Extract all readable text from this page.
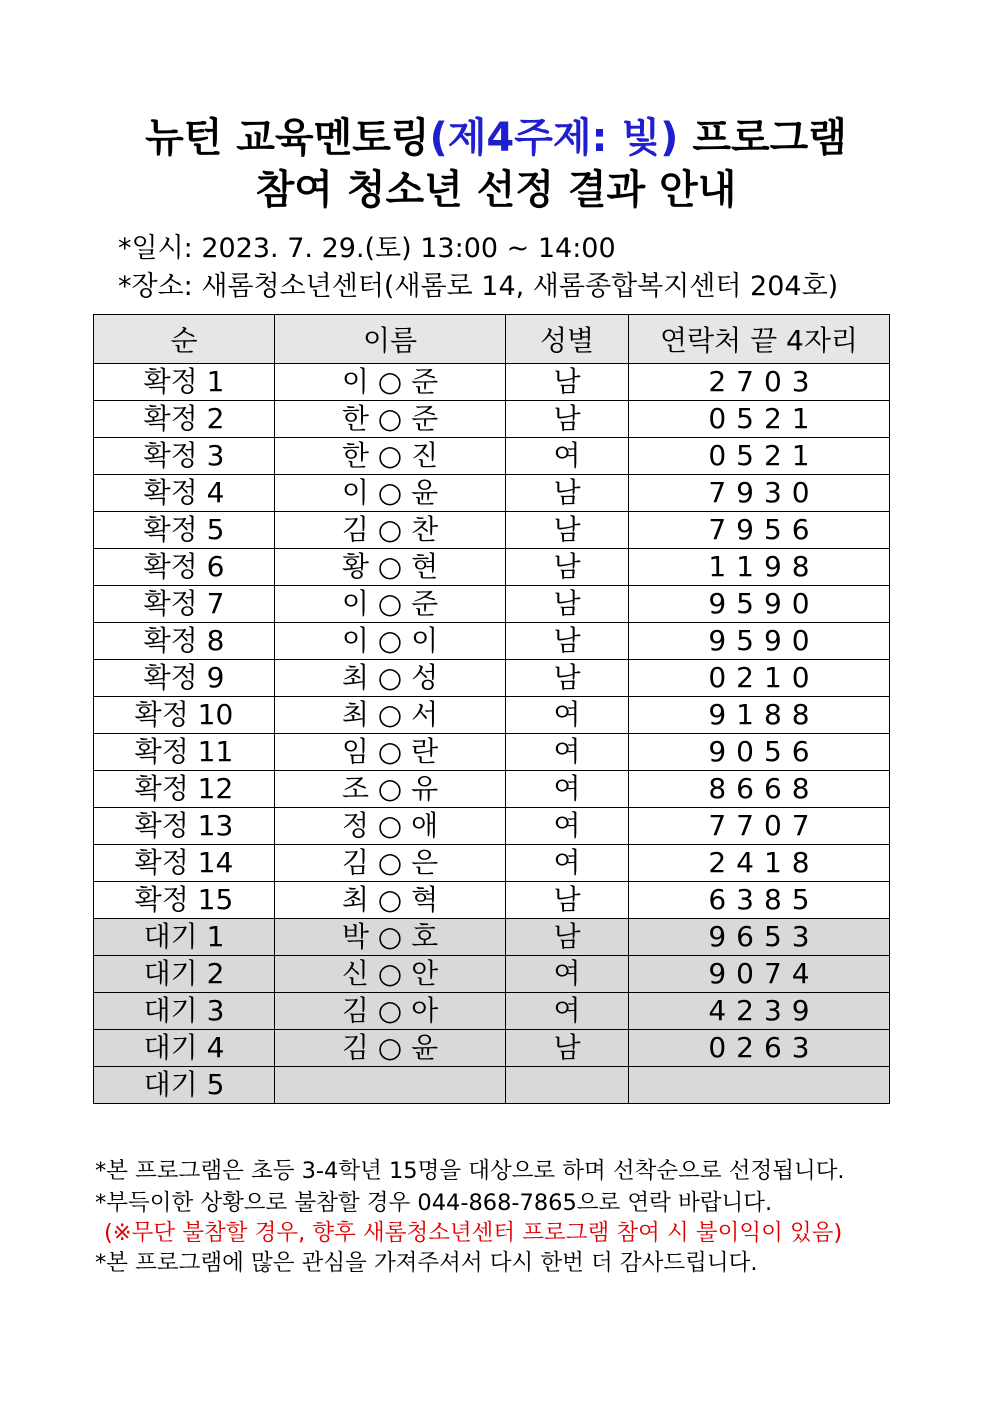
뉴턴 교육멘토링(제4주제: 빛) 프로그램
참여 청소년 선정 결과 안내
*일시: 2023. 7. 29.(토) 13:00 ~ 14:00
*장소: 새롬청소년센터(새롬로 14, 새롬종합복지센터 204호)
순	이름	성별	연락처 끝 4자리
확정 1	이 ○ 준	남	2703
확정 2	한 ○ 준	남	0521
확정 3	한 ○ 진	여	0521
확정 4	이 ○ 윤	남	7930
확정 5	김 ○ 찬	남	7956
확정 6	황 ○ 현	남	1198
확정 7	이 ○ 준	남	9590
확정 8	이 ○ 이	남	9590
확정 9	최 ○ 성	남	0210
확정 10	최 ○ 서	여	9188
확정 11	임 ○ 란	여	9056
확정 12	조 ○ 유	여	8668
확정 13	정 ○ 애	여	7707
확정 14	김 ○ 은	여	2418
확정 15	최 ○ 혁	남	6385
대기 1	박 ○ 호	남	9653
대기 2	신 ○ 안	여	9074
대기 3	김 ○ 아	여	4239
대기 4	김 ○ 윤	남	0263
대기 5			
*본 프로그램은 초등 3-4학년 15명을 대상으로 하며 선착순으로 선정됩니다.
*부득이한 상황으로 불참할 경우 044-868-7865으로 연락 바랍니다.
(※무단 불참할 경우, 향후 새롬청소년센터 프로그램 참여 시 불이익이 있음)
*본 프로그램에 많은 관심을 가져주셔서 다시 한번 더 감사드립니다.
